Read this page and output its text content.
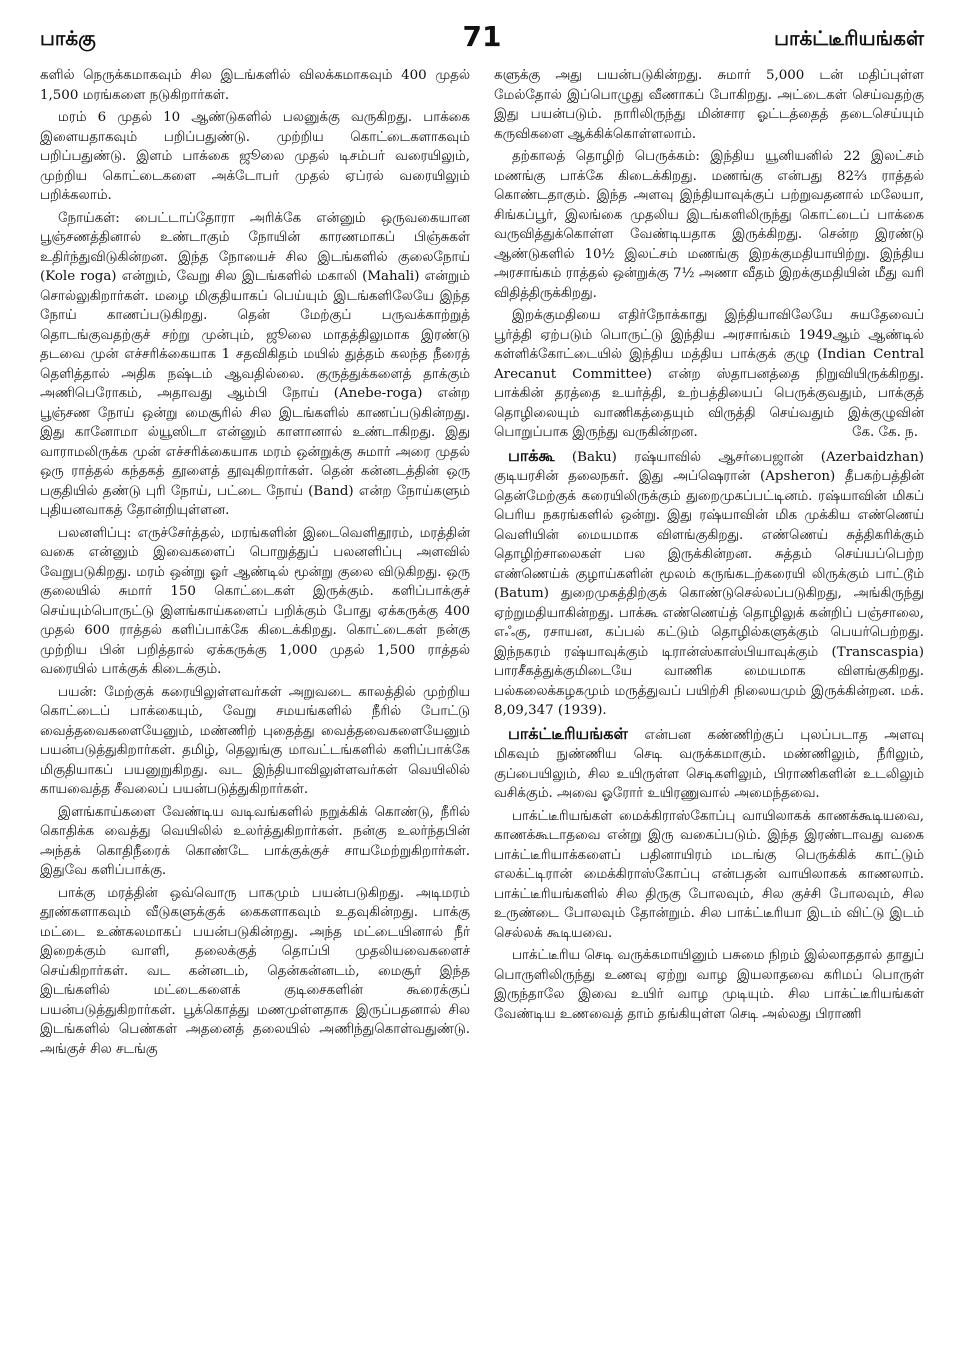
பாக்கு	71	பாக்ட்டீரியங்கள்

களில் நெருக்கமாகவும் சில இடங்களில் விலக்கமாகவும் 400 முதல் 1,500 மரங்களை நடுகிறார்கள்.

மரம் 6 முதல் 10 ஆண்டுகளில் பலனுக்கு வருகிறது. பாக்கை இளையதாகவும் பறிப்பதுண்டு. முற்றிய கொட்டைகளாகவும் பறிப்பதுண்டு. இளம் பாக்கை ஜூலை முதல் டிசம்பர் வரையிலும், முற்றிய கொட்டைகளை அக்டோபர் முதல் ஏப்ரல் வரையிலும் பறிக்கலாம்.

நோய்கள்: பைட்டாப்தோரா அரிக்கே என்னும் ஒருவகையான பூஞ்சணத்தினால் உண்டாகும் நோயின் காரணமாகப் பிஞ்சுகள் உதிர்ந்துவிடுகின்றன. இந்த நோயைச் சில இடங்களில் குலைநோய் (Kole roga) என்றும், வேறு சில இடங்களில் மகாலி (Mahali) என்றும் சொல்லுகிறார்கள். மழை மிகுதியாகப் பெய்யும் இடங்களிலேயே இந்த நோய் காணப்படுகிறது. தென் மேற்குப் பருவக்காற்றுத் தொடங்குவதற்குச் சற்று முன்பும், ஜூலை மாதத்திலுமாக இரண்டு தடவை முன் எச்சரிக்கையாக 1 சதவிகிதம் மயில் துத்தம் கலந்த நீரைத் தெளித்தால் அதிக நஷ்டம் ஆவதில்லை. குருத்துக்களைத் தாக்கும் அணிபெரோகம், அதாவது ஆம்பி நோய் (Anebe-roga) என்ற பூஞ்சண நோய் ஒன்று மைசூரில் சில இடங்களில் காணப்படுகின்றது. இது கானோமா ல்யூஸிடா என்னும் காளானால் உண்டாகிறது. இது வாராமலிருக்க முன் எச்சரிக்கையாக மரம் ஒன்றுக்கு சுமார் அரை முதல் ஒரு ராத்தல் கந்தகத் தூளைத் தூவுகிறார்கள். தென் கன்னடத்தின் ஒரு பகுதியில் தண்டு புரி நோய், பட்டை நோய் (Band) என்ற நோய்களும் புதியனவாகத் தோன்றியுள்ளன.

பலனளிப்பு: எருச்சேர்த்தல், மரங்களின் இடைவெளிதூரம், மரத்தின் வகை என்னும் இவைகளைப் பொறுத்துப் பலனளிப்பு அளவில் வேறுபடுகிறது. மரம் ஒன்று ஓர் ஆண்டில் மூன்று குலை விடுகிறது. ஒரு குலையில் சுமார் 150 கொட்டைகள் இருக்கும். களிப்பாக்குச் செய்யும்பொருட்டு இளங்காய்களைப் பறிக்கும் போது ஏக்கருக்கு 400 முதல் 600 ராத்தல் களிப்பாக்கே கிடைக்கிறது. கொட்டைகள் நன்கு முற்றிய பின் பறித்தால் ஏக்கருக்கு 1,000 முதல் 1,500 ராத்தல் வரையில் பாக்குக் கிடைக்கும்.

பயன்: மேற்குக் கரையிலுள்ளவர்கள் அறுவடை காலத்தில் முற்றிய கொட்டைப் பாக்கையும், வேறு சமயங்களில் நீரில் போட்டு வைத்தவைகளையேனும், மண்ணிற் புதைத்து வைத்தவைகளையேனும் பயன்படுத்துகிறார்கள். தமிழ், தெலுங்கு மாவட்டங்களில் களிப்பாக்கே மிகுதியாகப் பயனுறுகிறது. வட இந்தியாவிலுள்ளவர்கள் வெயிலில் காயவைத்த சீவலைப் பயன்படுத்துகிறார்கள்.

இளங்காய்களை வேண்டிய வடிவங்களில் நறுக்கிக் கொண்டு, நீரில் கொதிக்க வைத்து வெயிலில் உலர்த்துகிறார்கள். நன்கு உலர்ந்தபின் அந்தக் கொதிநீரைக் கொண்டே பாக்குக்குச் சாயமேற்றுகிறார்கள். இதுவே களிப்பாக்கு.

பாக்கு மரத்தின் ஒவ்வொரு பாகமும் பயன்படுகிறது. அடிமரம் தூண்களாகவும் வீடுகளுக்குக் கைகளாகவும் உதவுகின்றது. பாக்கு மட்டை உண்கலமாகப் பயன்படுகின்றது. அந்த மட்டையினால் நீர் இறைக்கும் வாளி, தலைக்குத் தொப்பி முதலியவைகளைச் செய்கிறார்கள். வட கன்னடம், தென்கன்னடம், மைசூர் இந்த இடங்களில் மட்டைகளைக் குடிசைகளின் கூரைக்குப் பயன்படுத்துகிறார்கள். பூக்கொத்து மணமுள்ளதாக இருப்பதனால் சில இடங்களில் பெண்கள் அதனைத் தலையில் அணிந்துகொள்வதுண்டு. அங்குச் சில சடங்கு

களுக்கு அது பயன்படுகின்றது. சுமார் 5,000 டன் மதிப்புள்ள மேல்தோல் இப்பொழுது வீணாகப் போகிறது. அட்டைகள் செய்வதற்கு இது பயன்படும். நாரிலிருந்து மின்சார ஓட்டத்தைத் தடைசெய்யும் கருவிகளை ஆக்கிக்கொள்ளலாம்.

தற்காலத் தொழிற் பெருக்கம்: இந்திய யூனியனில் 22 இலட்சம் மணங்கு பாக்கே கிடைக்கிறது. மணங்கு என்பது 82⅔ ராத்தல் கொண்டதாகும். இந்த அளவு இந்தியாவுக்குப் பற்றுவதனால் மலேயா, சிங்கப்பூர், இலங்கை முதலிய இடங்களிலிருந்து கொட்டைப் பாக்கை வருவித்துக்கொள்ள வேண்டியதாக இருக்கிறது. சென்ற இரண்டு ஆண்டுகளில் 10½ இலட்சம் மணங்கு இறக்குமதியாயிற்று. இந்திய அரசாங்கம் ராத்தல் ஒன்றுக்கு 7½ அணா வீதம் இறக்குமதியின் மீது வரி விதித்திருக்கிறது.

இறக்குமதியை எதிர்நோக்காது இந்தியாவிலேயே சுயதேவைப் பூர்த்தி ஏற்படும் பொருட்டு இந்திய அரசாங்கம் 1949ஆம் ஆண்டில் கள்ளிக்கோட்டையில் இந்திய மத்திய பாக்குக் குழு (Indian Central Arecanut Committee) என்ற ஸ்தாபனத்தை நிறுவியிருக்கிறது. பாக்கின் தரத்தை உயர்த்தி, உற்பத்தியைப் பெருக்குவதும், பாக்குத் தொழிலையும் வாணிகத்தையும் விருத்தி செய்வதும் இக்குழுவின் பொறுப்பாக இருந்து வருகின்றன.	கே. கே. ந.

பாக்கூ (Baku) ரஷ்யாவில் ஆசர்பைஜான் (Azerbaidzhan) குடியரசின் தலைநகர். இது அப்ஷெரான் (Apsheron) தீபகற்பத்தின் தென்மேற்குக் கரையிலிருக்கும் துறைமுகப்பட்டினம். ரஷ்யாவின் மிகப் பெரிய நகரங்களில் ஒன்று. இது ரஷ்யாவின் மிக முக்கிய எண்ணெய் வெளியின் மையமாக விளங்குகிறது. எண்ணெய் சுத்திகரிக்கும் தொழிற்சாலைகள் பல இருக்கின்றன. சுத்தம் செய்யப்பெற்ற எண்ணெய்க் குழாய்களின் மூலம் கருங்கடற்கரையி லிருக்கும் பாட்டூம் (Batum) துறைமுகத்திற்குக் கொண்டுசெல்லப்படுகிறது, அங்கிருந்து ஏற்றுமதியாகின்றது. பாக்கூ எண்ணெய்த் தொழிலுக் கன்றிப் பஞ்சாலை, எஃகு, ரசாயன, கப்பல் கட்டும் தொழில்களுக்கும் பெயர்பெற்றது. இந்நகரம் ரஷ்யாவுக்கும் டிரான்ஸ்காஸ்பியாவுக்கும் (Transcaspia) பாரசீகத்துக்குமிடையே வாணிக மையமாக விளங்குகிறது. பல்கலைக்கழகமும் மருத்துவப் பயிற்சி நிலையமும் இருக்கின்றன. மக். 8,09,347 (1939).

பாக்ட்டீரியங்கள் என்பன கண்ணிற்குப் புலப்படாத அளவு மிகவும் நுண்ணிய செடி வருக்கமாகும். மண்ணிலும், நீரிலும், குப்பையிலும், சில உயிருள்ள செடிகளிலும், பிராணிகளின் உடலிலும் வசிக்கும். அவை ஓரோர் உயிரணுவால் அமைந்தவை.

பாக்ட்டீரியங்கள் மைக்கிராஸ்கோப்பு வாயிலாகக் காணக்கூடியவை, காணக்கூடாதவை என்று இரு வகைப்படும். இந்த இரண்டாவது வகை பாக்ட்டீரியாக்களைப் பதினாயிரம் மடங்கு பெருக்கிக் காட்டும் எலக்ட்டிரான் மைக்கிராஸ்கோப்பு என்பதன் வாயிலாகக் காணலாம். பாக்ட்டீரியங்களில் சில திருகு போலவும், சில குச்சி போலவும், சில உருண்டை போலவும் தோன்றும். சில பாக்ட்டீரியா இடம் விட்டு இடம் செல்லக் கூடியவை.

பாக்ட்டீரிய செடி வருக்கமாயினும் பசுமை நிறம் இல்லாததால் தாதுப் பொருளிலிருந்து உணவு ஏற்று வாழ இயலாதவை கரிமப் பொருள் இருந்தாலே இவை உயிர் வாழ முடியும். சில பாக்ட்டீரியங்கள் வேண்டிய உணவைத் தாம் தங்கியுள்ள செடி அல்லது பிராணி
